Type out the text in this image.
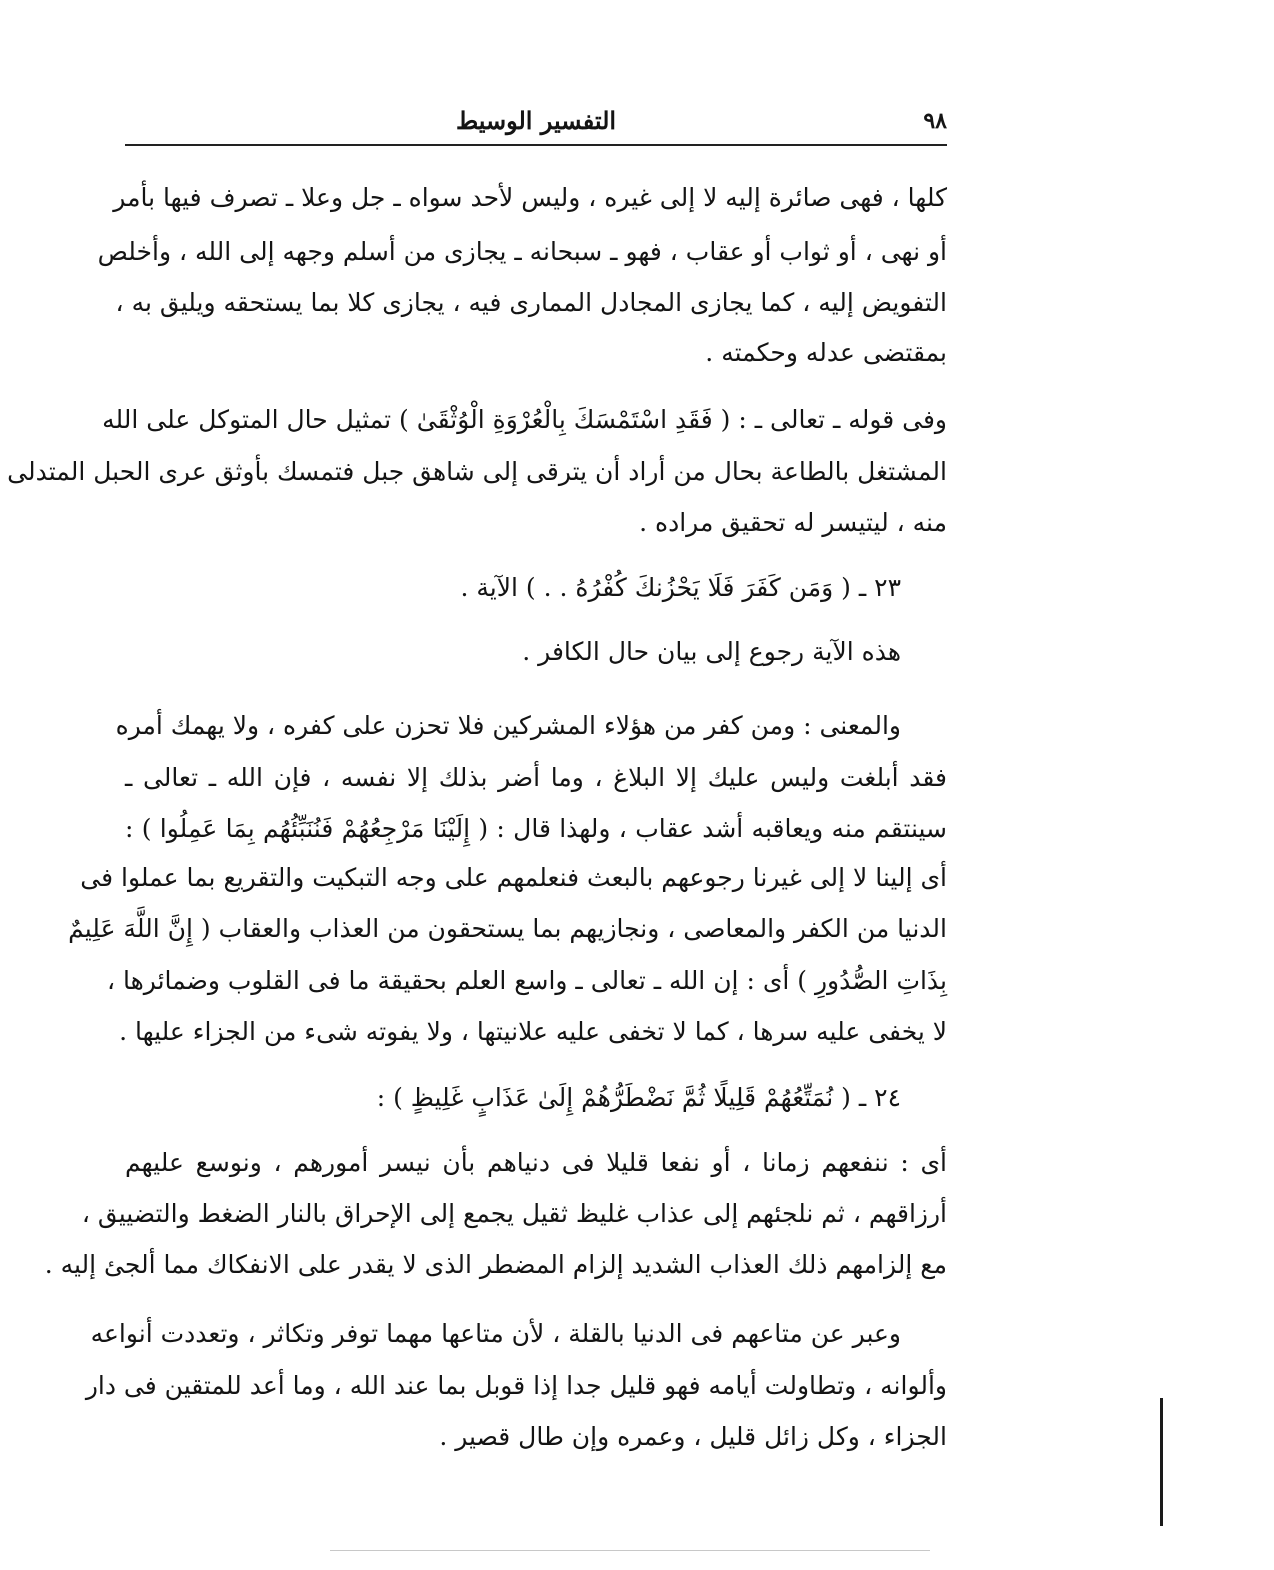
٩٨
التفسير الوسيط
كلها ، فهى صائرة إليه لا إلى غيره ، وليس لأحد سواه ـ جل وعلا ـ تصرف فيها بأمر
أو نهى ، أو ثواب أو عقاب ، فهو ـ سبحانه ـ يجازى من أسلم وجهه إلى الله ، وأخلص
التفويض إليه ، كما يجازى المجادل الممارى فيه ، يجازى كلا بما يستحقه ويليق به ،
بمقتضى عدله وحكمته .
وفى قوله ـ تعالى ـ : ( فَقَدِ اسْتَمْسَكَ بِالْعُرْوَةِ الْوُثْقَىٰ ) تمثيل حال المتوكل على الله
المشتغل بالطاعة بحال من أراد أن يترقى إلى شاهق جبل فتمسك بأوثق عرى الحبل المتدلى
منه ، ليتيسر له تحقيق مراده .
٢٣ ـ ( وَمَن كَفَرَ فَلَا يَحْزُنكَ كُفْرُهُ . . ) الآية .
هذه الآية رجوع إلى بيان حال الكافر .
والمعنى : ومن كفر من هؤلاء المشركين فلا تحزن على كفره ، ولا يهمك أمره
فقد أبلغت وليس عليك إلا البلاغ ، وما أضر بذلك إلا نفسه ، فإن الله ـ تعالى ـ
سينتقم منه ويعاقبه أشد عقاب ، ولهذا قال : ( إِلَيْنَا مَرْجِعُهُمْ فَنُنَبِّئُهُم بِمَا عَمِلُوا ) :
أى إلينا لا إلى غيرنا رجوعهم بالبعث فنعلمهم على وجه التبكيت والتقريع بما عملوا فى
الدنيا من الكفر والمعاصى ، ونجازيهم بما يستحقون من العذاب والعقاب ( إِنَّ اللَّهَ عَلِيمٌ
بِذَاتِ الصُّدُورِ ) أى : إن الله ـ تعالى ـ واسع العلم بحقيقة ما فى القلوب وضمائرها ،
لا يخفى عليه سرها ، كما لا تخفى عليه علانيتها ، ولا يفوته شىء من الجزاء عليها .
٢٤ ـ ( نُمَتِّعُهُمْ قَلِيلًا ثُمَّ نَضْطَرُّهُمْ إِلَىٰ عَذَابٍ غَلِيظٍ ) :
أى : ننفعهم زمانا ، أو نفعا قليلا فى دنياهم بأن نيسر أمورهم ، ونوسع عليهم
أرزاقهم ، ثم نلجئهم إلى عذاب غليظ ثقيل يجمع إلى الإحراق بالنار الضغط والتضييق ،
مع إلزامهم ذلك العذاب الشديد إلزام المضطر الذى لا يقدر على الانفكاك مما ألجئ إليه .
وعبر عن متاعهم فى الدنيا بالقلة ، لأن متاعها مهما توفر وتكاثر ، وتعددت أنواعه
وألوانه ، وتطاولت أيامه فهو قليل جدا إذا قوبل بما عند الله ، وما أعد للمتقين فى دار
الجزاء ، وكل زائل قليل ، وعمره وإن طال قصير .
